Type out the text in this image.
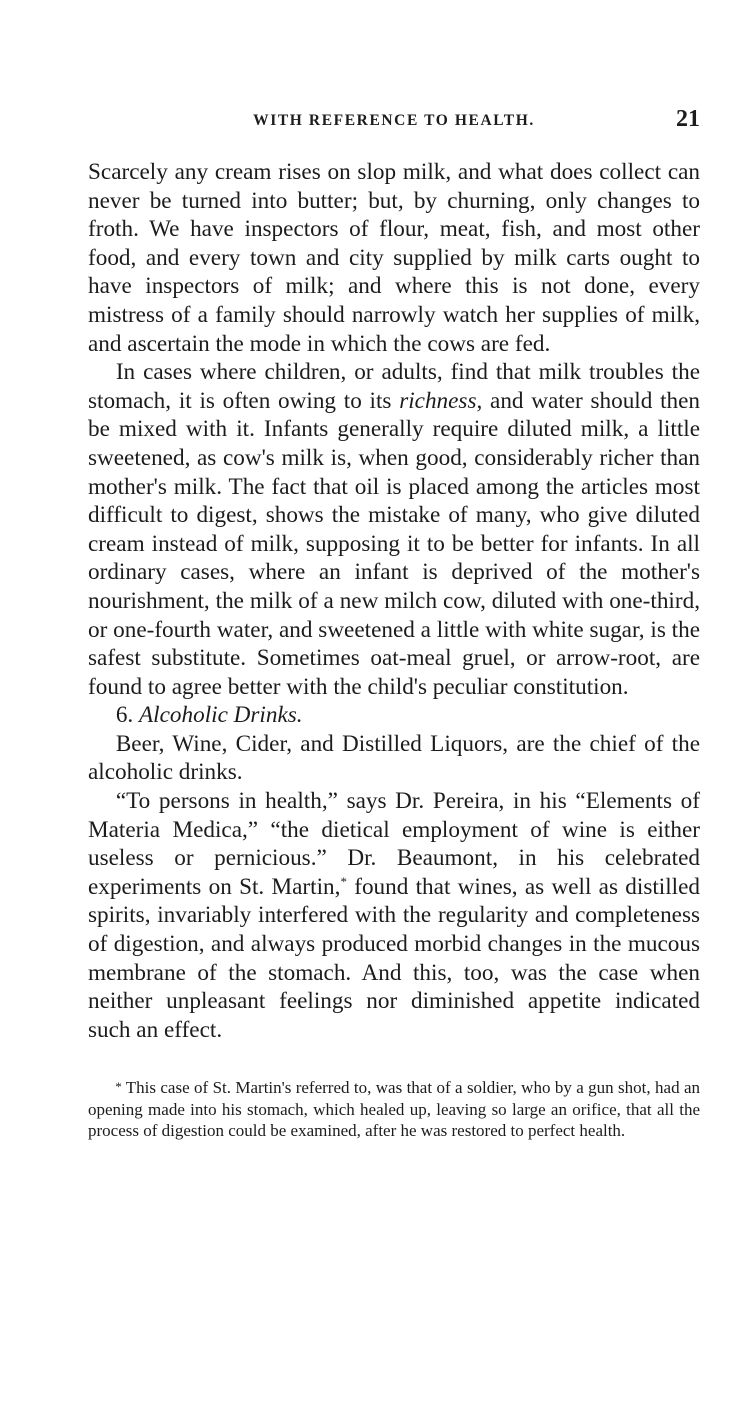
WITH REFERENCE TO HEALTH.	21

Scarcely any cream rises on slop milk, and what does collect can never be turned into butter; but, by churning, only changes to froth. We have inspectors of flour, meat, fish, and most other food, and every town and city supplied by milk carts ought to have inspectors of milk; and where this is not done, every mistress of a family should narrowly watch her supplies of milk, and ascertain the mode in which the cows are fed.

In cases where children, or adults, find that milk troubles the stomach, it is often owing to its richness, and water should then be mixed with it. Infants generally require diluted milk, a little sweetened, as cow's milk is, when good, considerably richer than mother's milk. The fact that oil is placed among the articles most difficult to digest, shows the mistake of many, who give diluted cream instead of milk, supposing it to be better for infants. In all ordinary cases, where an infant is deprived of the mother's nourishment, the milk of a new milch cow, diluted with one-third, or one-fourth water, and sweetened a little with white sugar, is the safest substitute. Sometimes oat-meal gruel, or arrow-root, are found to agree better with the child's peculiar constitution.

6. Alcoholic Drinks.

Beer, Wine, Cider, and Distilled Liquors, are the chief of the alcoholic drinks.

“To persons in health,” says Dr. Pereira, in his “Elements of Materia Medica,” “the dietical employment of wine is either useless or pernicious.” Dr. Beaumont, in his celebrated experiments on St. Martin,* found that wines, as well as distilled spirits, invariably interfered with the regularity and completeness of digestion, and always produced morbid changes in the mucous membrane of the stomach. And this, too, was the case when neither unpleasant feelings nor diminished appetite indicated such an effect.

* This case of St. Martin's referred to, was that of a soldier, who by a gun shot, had an opening made into his stomach, which healed up, leaving so large an orifice, that all the process of digestion could be examined, after he was restored to perfect health.
